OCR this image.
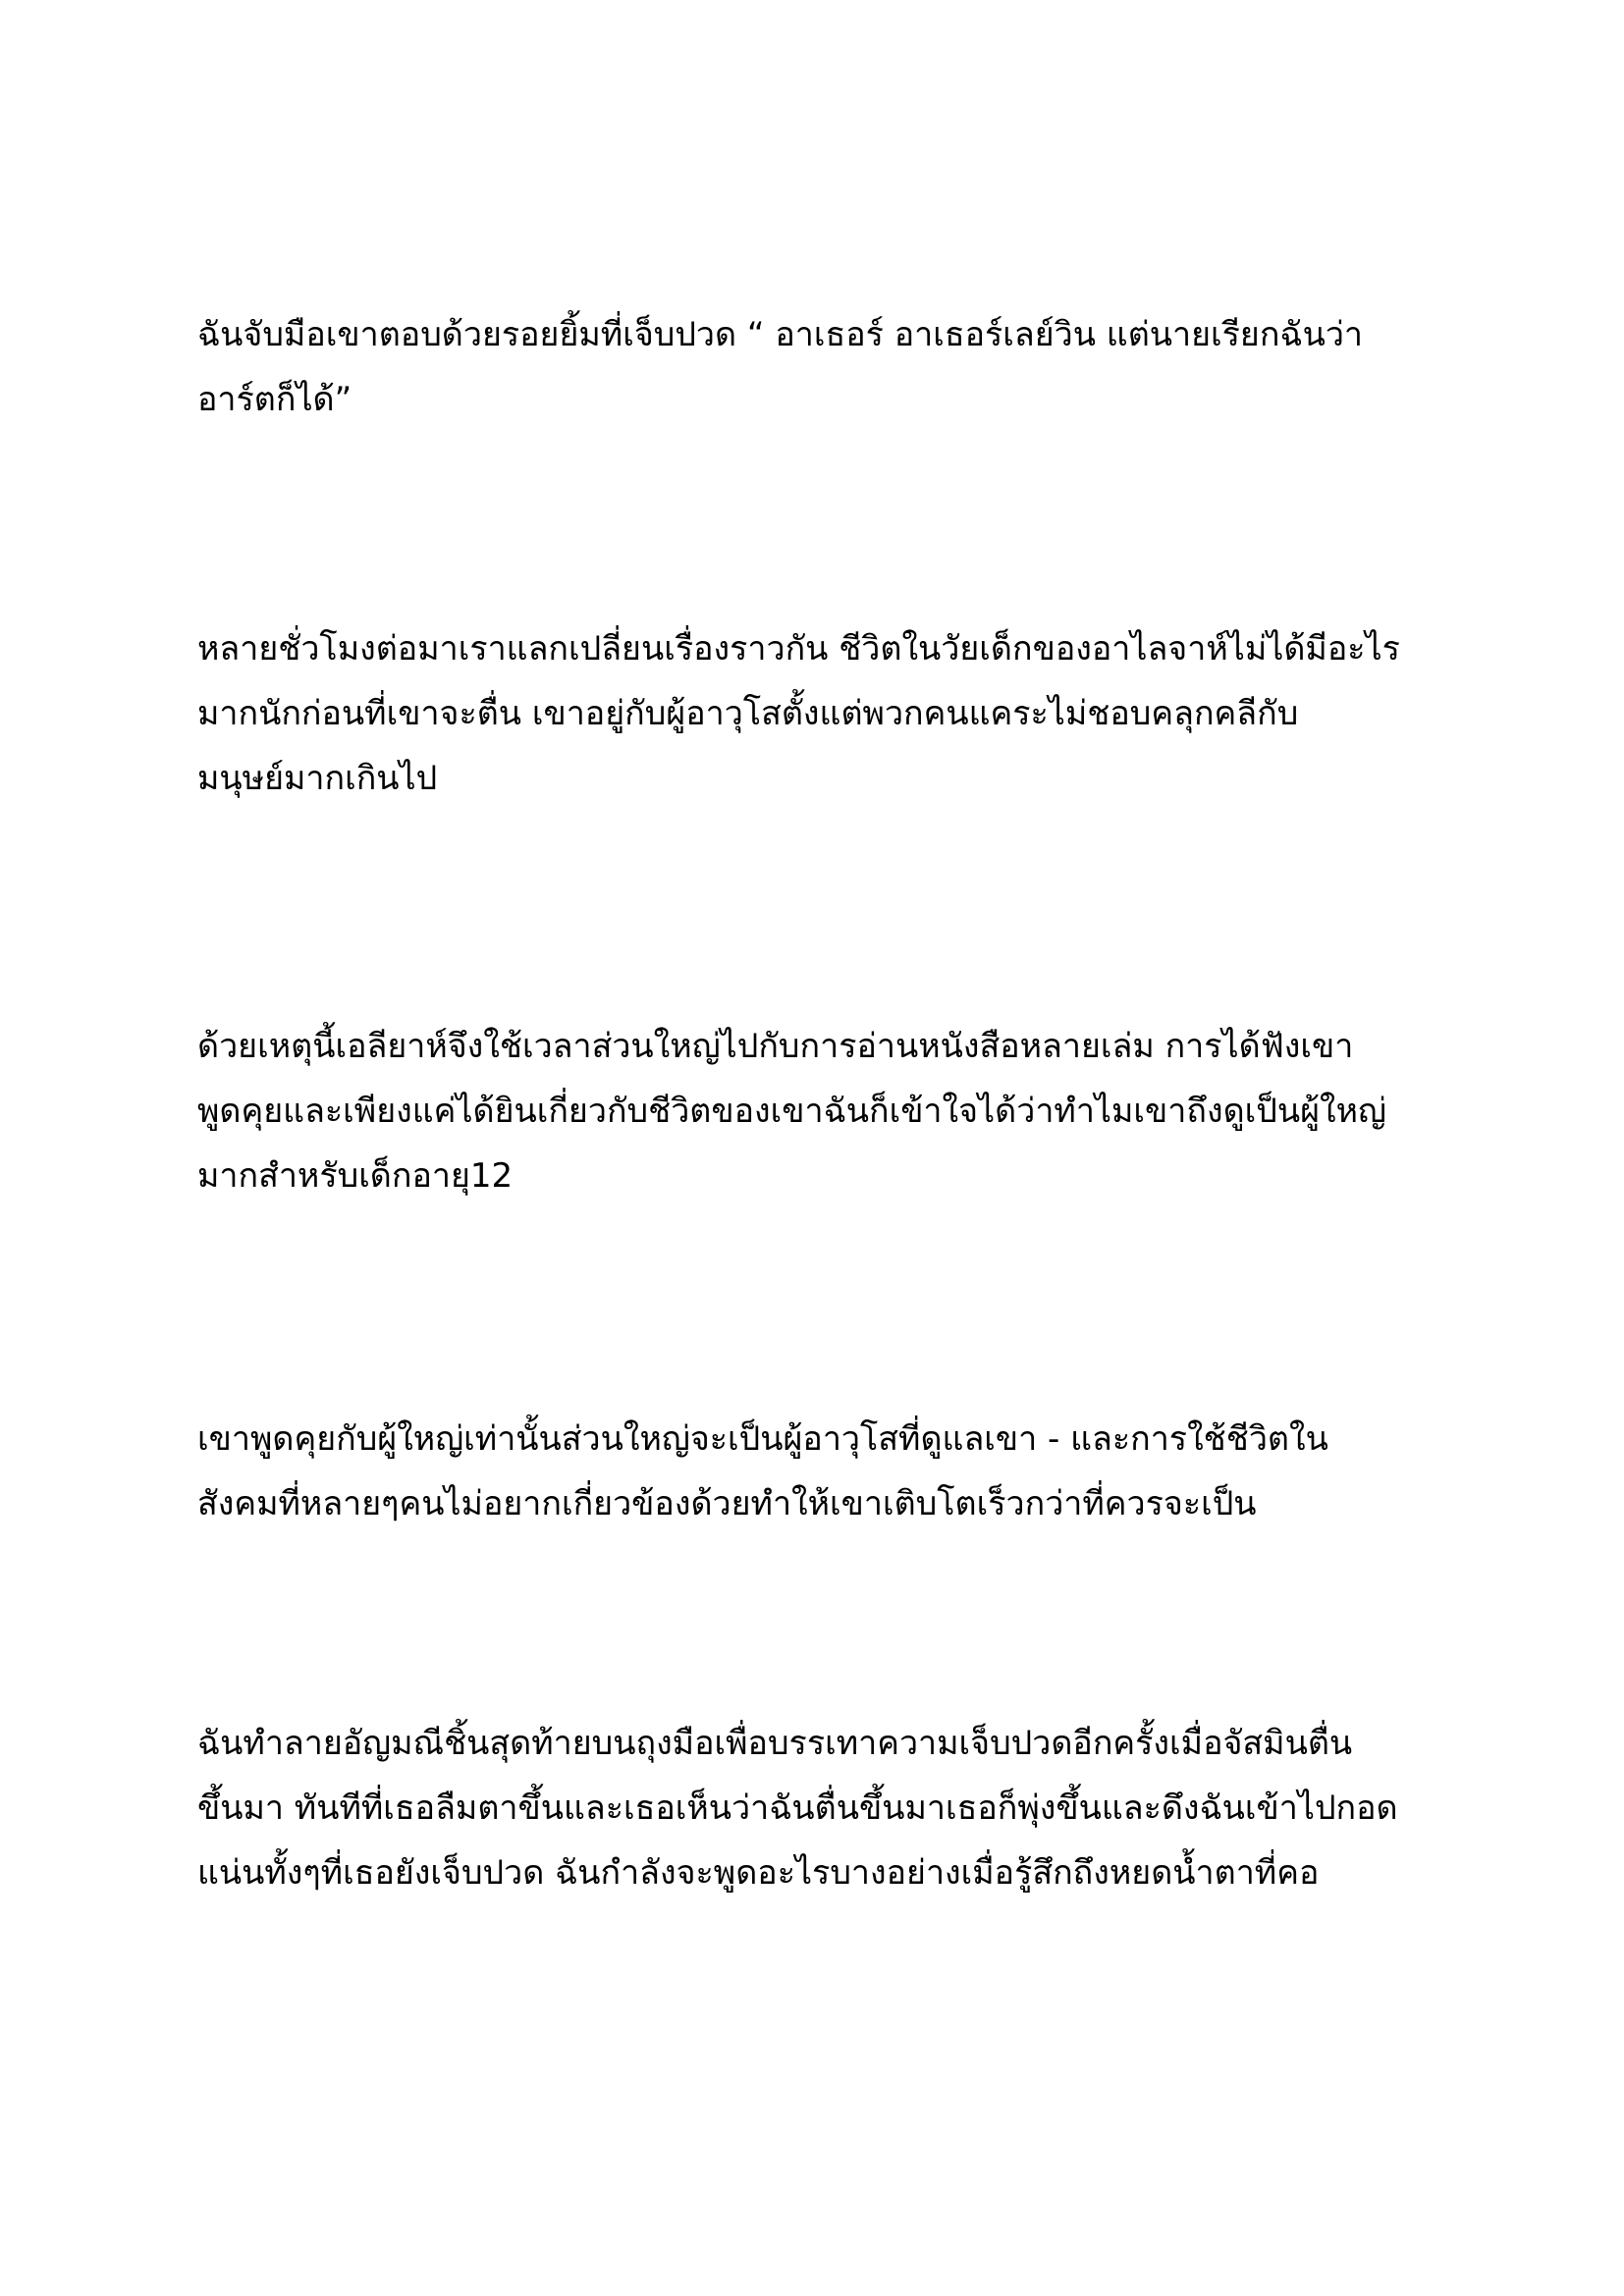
ฉันจับมือเขาตอบด้วยรอยยิ้มที่เจ็บปวด “ อาเธอร์ อาเธอร์เลย์วิน แต่นายเรียกฉันว่า
อาร์ตก็ได้”
หลายชั่วโมงต่อมาเราแลกเปลี่ยนเรื่องราวกัน ชีวิตในวัยเด็กของอาไลจาห์ไม่ได้มีอะไร
มากนักก่อนที่เขาจะตื่น เขาอยู่กับผู้อาวุโสตั้งแต่พวกคนแคระไม่ชอบคลุกคลีกับ
มนุษย์มากเกินไป
ด้วยเหตุนี้เอลียาห์จึงใช้เวลาส่วนใหญ่ไปกับการอ่านหนังสือหลายเล่ม การได้ฟังเขา
พูดคุยและเพียงแค่ได้ยินเกี่ยวกับชีวิตของเขาฉันก็เข้าใจได้ว่าทำไมเขาถึงดูเป็นผู้ใหญ่
มากสำหรับเด็กอายุ12
เขาพูดคุยกับผู้ใหญ่เท่านั้นส่วนใหญ่จะเป็นผู้อาวุโสที่ดูแลเขา - และการใช้ชีวิตใน
สังคมที่หลายๆคนไม่อยากเกี่ยวข้องด้วยทำให้เขาเติบโตเร็วกว่าที่ควรจะเป็น
ฉันทำลายอัญมณีชิ้นสุดท้ายบนถุงมือเพื่อบรรเทาความเจ็บปวดอีกครั้งเมื่อจัสมินตื่น
ขึ้นมา ทันทีที่เธอลืมตาขึ้นและเธอเห็นว่าฉันตื่นขึ้นมาเธอก็พุ่งขึ้นและดึงฉันเข้าไปกอด
แน่นทั้งๆที่เธอยังเจ็บปวด ฉันกำลังจะพูดอะไรบางอย่างเมื่อรู้สึกถึงหยดน้ำตาที่คอ
